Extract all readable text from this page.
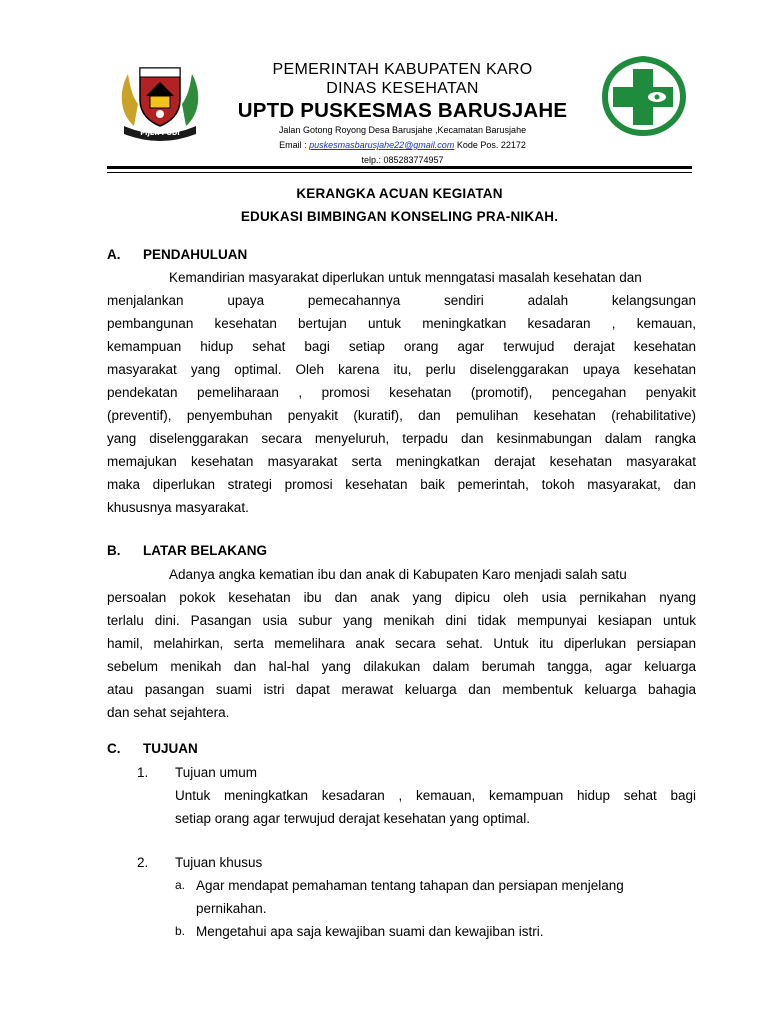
PIJER PODI
PEMERINTAH KABUPATEN KARO
DINAS KESEHATAN
UPTD PUSKESMAS BARUSJAHE
Jalan Gotong Royong Desa Barusjahe ,Kecamatan Barusjahe
Email : puskesmasbarusjahe22@gmail.com Kode Pos. 22172
telp.: 085283774957
KERANGKA ACUAN KEGIATAN
EDUKASI BIMBINGAN KONSELING PRA-NIKAH.
A. PENDAHULUAN
Kemandirian masyarakat diperlukan untuk menngatasi masalah kesehatan dan
menjalankan upaya pemecahannya sendiri adalah kelangsungan
pembangunan kesehatan bertujan untuk meningkatkan kesadaran , kemauan,
kemampuan hidup sehat bagi setiap orang agar terwujud derajat kesehatan
masyarakat yang optimal. Oleh karena itu, perlu diselenggarakan upaya kesehatan
pendekatan pemeliharaan , promosi kesehatan (promotif), pencegahan penyakit
(preventif), penyembuhan penyakit (kuratif), dan pemulihan kesehatan (rehabilitative)
yang diselenggarakan secara menyeluruh, terpadu dan kesinmabungan dalam rangka
memajukan kesehatan masyarakat serta meningkatkan derajat kesehatan masyarakat
maka diperlukan strategi promosi kesehatan baik pemerintah, tokoh masyarakat, dan
khususnya masyarakat.
B. LATAR BELAKANG
Adanya angka kematian ibu dan anak di Kabupaten Karo menjadi salah satu
persoalan pokok kesehatan ibu dan anak yang dipicu oleh usia pernikahan nyang
terlalu dini. Pasangan usia subur yang menikah dini tidak mempunyai kesiapan untuk
hamil, melahirkan, serta memelihara anak secara sehat. Untuk itu diperlukan persiapan
sebelum menikah dan hal-hal yang dilakukan dalam berumah tangga, agar keluarga
atau pasangan suami istri dapat merawat keluarga dan membentuk keluarga bahagia
dan sehat sejahtera.
C. TUJUAN
1. Tujuan umum
Untuk meningkatkan kesadaran , kemauan, kemampuan hidup sehat bagi
setiap orang agar terwujud derajat kesehatan yang optimal.
2. Tujuan khusus
a. Agar mendapat pemahaman tentang tahapan dan persiapan menjelang
pernikahan.
b. Mengetahui apa saja kewajiban suami dan kewajiban istri.
